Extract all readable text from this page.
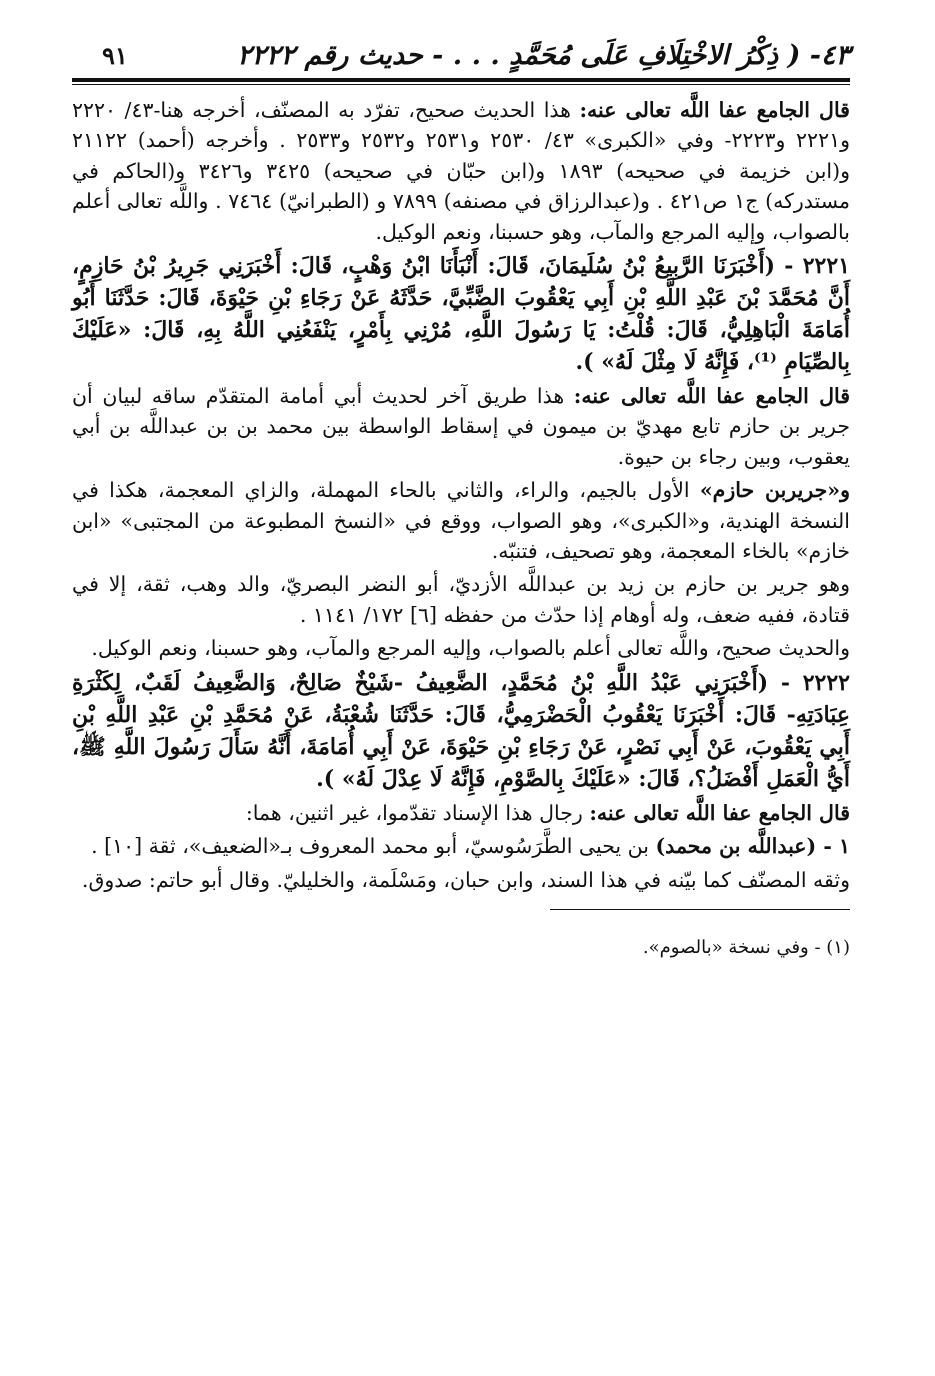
٤٣- ( ذِكْرُ الاخْتِلَافِ عَلَى مُحَمَّدٍ . . . - حديث رقم ٢٢٢٢
٩١

قال الجامع عفا اللَّه تعالى عنه: هذا الحديث صحيح، تفرّد به المصنّف، أخرجه هنا-٤٣/ ٢٢٢٠ و٢٢٢١ و٢٢٢٣- وفي «الكبرى» ٤٣/ ٢٥٣٠ و٢٥٣١ و٢٥٣٢ و٢٥٣٣ . وأخرجه (أحمد) ٢١١٢٢ و(ابن خزيمة في صحيحه) ١٨٩٣ و(ابن حبّان في صحيحه) ٣٤٢٥ و٣٤٢٦ و(الحاكم في مستدركه) ج١ ص٤٢١ . و(عبدالرزاق في مصنفه) ٧٨٩٩ و (الطبرانيّ) ٧٤٦٤ . واللَّه تعالى أعلم بالصواب، وإليه المرجع والمآب، وهو حسبنا، ونعم الوكيل.

٢٢٢١ - (أَخْبَرَنَا الرَّبِيعُ بْنُ سُلَيمَانَ، قَالَ: أَنْبَأَنَا ابْنُ وَهْبٍ، قَالَ: أَخْبَرَنِي جَرِيرُ بْنُ حَازِمٍ، أَنَّ مُحَمَّدَ بْنَ عَبْدِ اللَّهِ بْنِ أَبِي يَعْقُوبَ الضَّبِّيَّ، حَدَّثَهُ عَنْ رَجَاءِ بْنِ حَيْوَةَ، قَالَ: حَدَّثَنَا أَبُو أُمَامَةَ الْبَاهِلِيُّ، قَالَ: قُلْتُ: يَا رَسُولَ اللَّهِ، مُرْنِي بِأَمْرٍ، يَنْفَعُنِي اللَّهُ بِهِ، قَالَ: «عَلَيْكَ بِالصِّيَامِ ⁽¹⁾، فَإِنَّهُ لَا مِثْلَ لَهُ» ).

قال الجامع عفا اللَّه تعالى عنه: هذا طريق آخر لحديث أبي أمامة المتقدّم ساقه لبيان أن جرير بن حازم تابع مهديّ بن ميمون في إسقاط الواسطة بين محمد بن بن عبداللَّه بن أبي يعقوب، وبين رجاء بن حيوة.

و«جريربن حازم» الأول بالجيم، والراء، والثاني بالحاء المهملة، والزاي المعجمة، هكذا في النسخة الهندية، و«الكبرى»، وهو الصواب، ووقع في «النسخ المطبوعة من المجتبى» «ابن خازم» بالخاء المعجمة، وهو تصحيف، فتنبّه.

وهو جرير بن حازم بن زيد بن عبداللَّه الأزديّ، أبو النضر البصريّ، والد وهب، ثقة، إلا في قتادة، ففيه ضعف، وله أوهام إذا حدّث من حفظه [٦] ١٧٢/ ١١٤١ .

والحديث صحيح، واللَّه تعالى أعلم بالصواب، وإليه المرجع والمآب، وهو حسبنا، ونعم الوكيل.

٢٢٢٢ - (أَخْبَرَنِي عَبْدُ اللَّهِ بْنُ مُحَمَّدٍ، الضَّعِيفُ -شَيْخٌ صَالِحٌ، وَالضَّعِيفُ لَقَبٌ، لِكَثْرَةِ عِبَادَتِهِ- قَالَ: أَخْبَرَنَا يَعْقُوبُ الْحَضْرَمِيُّ، قَالَ: حَدَّثَنَا شُعْبَةُ، عَنْ مُحَمَّدِ بْنِ عَبْدِ اللَّهِ بْنِ أَبِي يَعْقُوبَ، عَنْ أَبِي نَصْرٍ، عَنْ رَجَاءِ بْنِ حَيْوَةَ، عَنْ أَبِي أُمَامَةَ، أَنَّهُ سَأَلَ رَسُولَ اللَّهِ ﷺ، أَيُّ الْعَمَلِ أَفْضَلُ؟، قَالَ: «عَلَيْكَ بِالصَّوْمِ، فَإِنَّهُ لَا عِدْلَ لَهُ» ).

قال الجامع عفا اللَّه تعالى عنه: رجال هذا الإسناد تقدّموا، غير اثنين، هما:

١ - (عبداللَّه بن محمد) بن يحيى الطَّرَسُوسيّ، أبو محمد المعروف بـ«الضعيف»، ثقة [١٠] .

وثقه المصنّف كما بيّنه في هذا السند، وابن حبان، ومَسْلَمة، والخليليّ. وقال أبو حاتم: صدوق.

(١) - وفي نسخة «بالصوم».
